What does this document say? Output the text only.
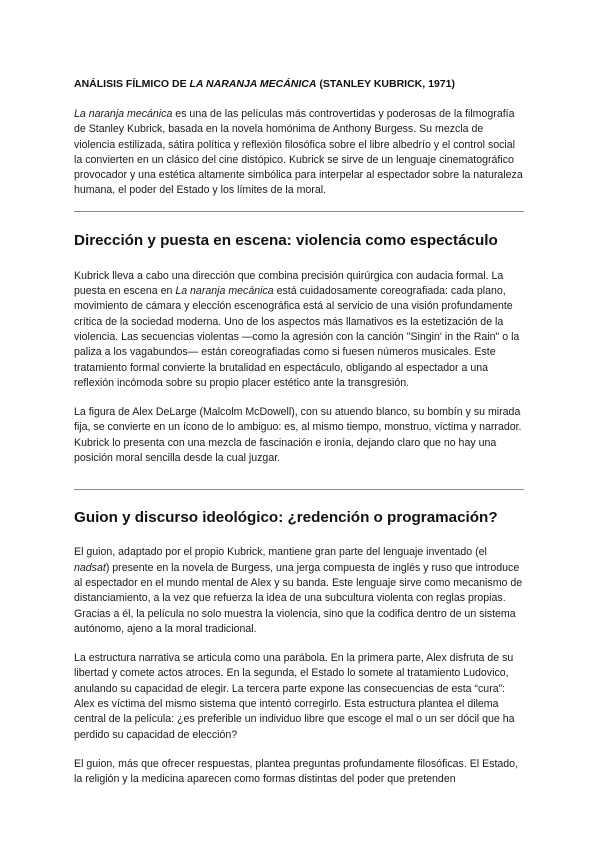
ANÁLISIS FÍLMICO DE LA NARANJA MECÁNICA (STANLEY KUBRICK, 1971)

La naranja mecánica es una de las películas más controvertidas y poderosas de la filmografía de Stanley Kubrick, basada en la novela homónima de Anthony Burgess. Su mezcla de violencia estilizada, sátira política y reflexión filosófica sobre el libre albedrío y el control social la convierten en un clásico del cine distópico. Kubrick se sirve de un lenguaje cinematográfico provocador y una estética altamente simbólica para interpelar al espectador sobre la naturaleza humana, el poder del Estado y los límites de la moral.

Dirección y puesta en escena: violencia como espectáculo

Kubrick lleva a cabo una dirección que combina precisión quirúrgica con audacia formal. La puesta en escena en La naranja mecánica está cuidadosamente coreografiada: cada plano, movimiento de cámara y elección escenográfica está al servicio de una visión profundamente crítica de la sociedad moderna. Uno de los aspectos más llamativos es la estetización de la violencia. Las secuencias violentas —como la agresión con la canción "Singin' in the Rain" o la paliza a los vagabundos— están coreografiadas como si fuesen números musicales. Este tratamiento formal convierte la brutalidad en espectáculo, obligando al espectador a una reflexión incómoda sobre su propio placer estético ante la transgresión.

La figura de Alex DeLarge (Malcolm McDowell), con su atuendo blanco, su bombín y su mirada fija, se convierte en un ícono de lo ambiguo: es, al mismo tiempo, monstruo, víctima y narrador. Kubrick lo presenta con una mezcla de fascinación e ironía, dejando claro que no hay una posición moral sencilla desde la cual juzgar.

Guion y discurso ideológico: ¿redención o programación?

El guion, adaptado por el propio Kubrick, mantiene gran parte del lenguaje inventado (el nadsat) presente en la novela de Burgess, una jerga compuesta de inglés y ruso que introduce al espectador en el mundo mental de Alex y su banda. Este lenguaje sirve como mecanismo de distanciamiento, a la vez que refuerza la idea de una subcultura violenta con reglas propias. Gracias a él, la película no solo muestra la violencia, sino que la codifica dentro de un sistema autónomo, ajeno a la moral tradicional.

La estructura narrativa se articula como una parábola. En la primera parte, Alex disfruta de su libertad y comete actos atroces. En la segunda, el Estado lo somete al tratamiento Ludovico, anulando su capacidad de elegir. La tercera parte expone las consecuencias de esta “cura”: Alex es víctima del mismo sistema que intentó corregirlo. Esta estructura plantea el dilema central de la película: ¿es preferible un individuo libre que escoge el mal o un ser dócil que ha perdido su capacidad de elección?

El guion, más que ofrecer respuestas, plantea preguntas profundamente filosóficas. El Estado, la religión y la medicina aparecen como formas distintas del poder que pretenden
